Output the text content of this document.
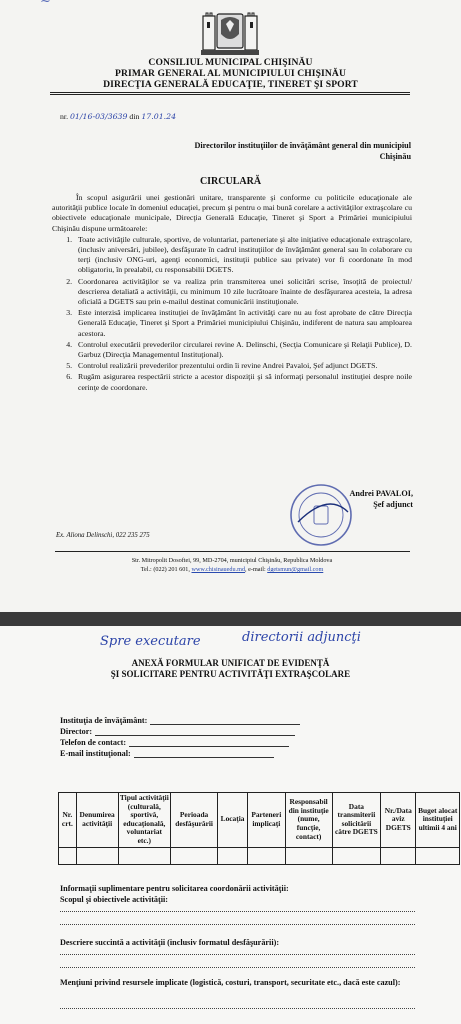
~
CONSILIUL MUNICIPAL CHIŞINĂU
PRIMAR GENERAL AL MUNICIPIULUI CHIŞINĂU
DIRECŢIA GENERALĂ EDUCAŢIE, TINERET ŞI SPORT
nr. 01/16-03/3639 din 17.01.24
Directorilor instituţiilor de învăţământ general din municipiul Chişinău
CIRCULARĂ

În scopul asigurării unei gestionări unitare, transparente şi conforme cu politicile educaţionale ale autorităţii publice locale în domeniul educaţiei, precum şi pentru o mai bună corelare a activităţilor extraşcolare cu obiectivele educaţionale municipale, Direcţia Generală Educaţie, Tineret şi Sport a Primăriei municipiului Chişinău dispune următoarele:

1. Toate activităţile culturale, sportive, de voluntariat, parteneriate şi alte iniţiative educaţionale extraşcolare, (inclusiv aniversări, jubilee), desfăşurate în cadrul instituţiilor de învăţământ general sau în colaborare cu terţi (inclusiv ONG-uri, agenţi economici, instituţii publice sau private) vor fi coordonate în mod obligatoriu, în prealabil, cu responsabilii DGETS.
2. Coordonarea activităţilor se va realiza prin transmiterea unei solicitări scrise, însoţită de proiectul/ descrierea detaliată a activităţii, cu minimum 10 zile lucrătoare înainte de desfăşurarea acesteia, la adresa oficială a DGETS sau prin e-mailul destinat comunicării instituţionale.
3. Este interzisă implicarea instituţiei de învăţământ în activităţi care nu au fost aprobate de către Direcţia Generală Educaţie, Tineret şi Sport a Primăriei municipiului Chişinău, indiferent de natura sau amploarea acestora.
4. Controlul executării prevederilor circularei revine A. Delinschi, (Secţia Comunicare şi Relaţii Publice), D. Garbuz (Direcţia Managementul Instituţional).
5. Controlul realizării prevederilor prezentului ordin îi revine Andrei Pavaloi, Şef adjunct DGETS.
6. Rugăm asigurarea respectării stricte a acestor dispoziţii şi să informaţi personalul instituţiei despre noile cerinţe de coordonare.
Andrei PAVALOI,
Şef adjunct
Ex. Aliona Delinschi, 022 235 275
Str. Mitropolit Dosoftei, 99, MD-2704, municipiul Chişinău, Republica Moldova
Tel.: (022) 201 601, www.chisinauedu.md, e-mail: dgetsmun@gmail.com
Spre executare	directorii adjuncţi
ANEXĂ FORMULAR UNIFICAT DE EVIDENŢĂ
ŞI SOLICITARE PENTRU ACTIVITĂŢI EXTRAŞCOLARE
Instituţia de învăţământ:
Director:
Telefon de contact:
E-mail instituţional:
Nr. crt.	Denumirea activităţii	Tipul activităţii (culturală, sportivă, educaţională, voluntariat etc.)	Perioada desfăşurării	Locaţia	Parteneri implicaţi	Responsabil din instituţie (nume, funcţie, contact)	Data transmiterii solicitării către DGETS	Nr./Data aviz DGETS	Buget alocat instituţiei ultimii 4 ani

Informaţii suplimentare pentru solicitarea coordonării activităţii:
Scopul şi obiectivele activităţii:
Descriere succintă a activităţii (inclusiv formatul desfăşurării):
Menţiuni privind resursele implicate (logistică, costuri, transport, securitate etc., dacă este cazul):
